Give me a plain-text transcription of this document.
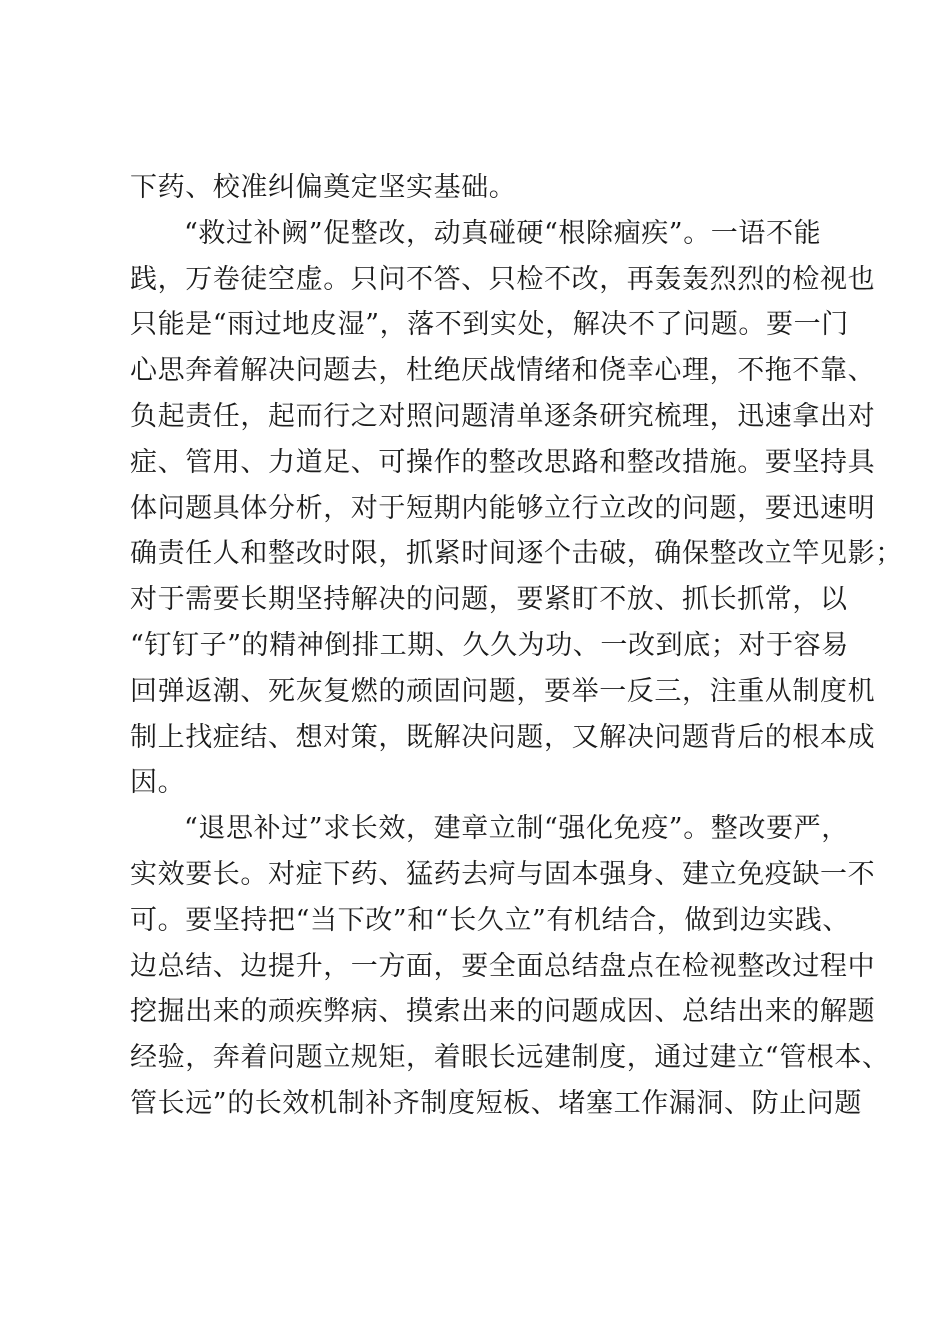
下药、校准纠偏奠定坚实基础。
“救过补阙”促整改，动真碰硬“根除痼疾”。一语不能
践，万卷徒空虚。只问不答、只检不改，再轰轰烈烈的检视也
只能是“雨过地皮湿”，落不到实处，解决不了问题。要一门
心思奔着解决问题去，杜绝厌战情绪和侥幸心理，不拖不靠、
负起责任，起而行之对照问题清单逐条研究梳理，迅速拿出对
症、管用、力道足、可操作的整改思路和整改措施。要坚持具
体问题具体分析，对于短期内能够立行立改的问题，要迅速明
确责任人和整改时限，抓紧时间逐个击破，确保整改立竿见影；
对于需要长期坚持解决的问题，要紧盯不放、抓长抓常，以
“钉钉子”的精神倒排工期、久久为功、一改到底；对于容易
回弹返潮、死灰复燃的顽固问题，要举一反三，注重从制度机
制上找症结、想对策，既解决问题，又解决问题背后的根本成
因。
“退思补过”求长效，建章立制“强化免疫”。整改要严，
实效要长。对症下药、猛药去疴与固本强身、建立免疫缺一不
可。要坚持把“当下改”和“长久立”有机结合，做到边实践、
边总结、边提升，一方面，要全面总结盘点在检视整改过程中
挖掘出来的顽疾弊病、摸索出来的问题成因、总结出来的解题
经验，奔着问题立规矩，着眼长远建制度，通过建立“管根本、
管长远”的长效机制补齐制度短板、堵塞工作漏洞、防止问题
